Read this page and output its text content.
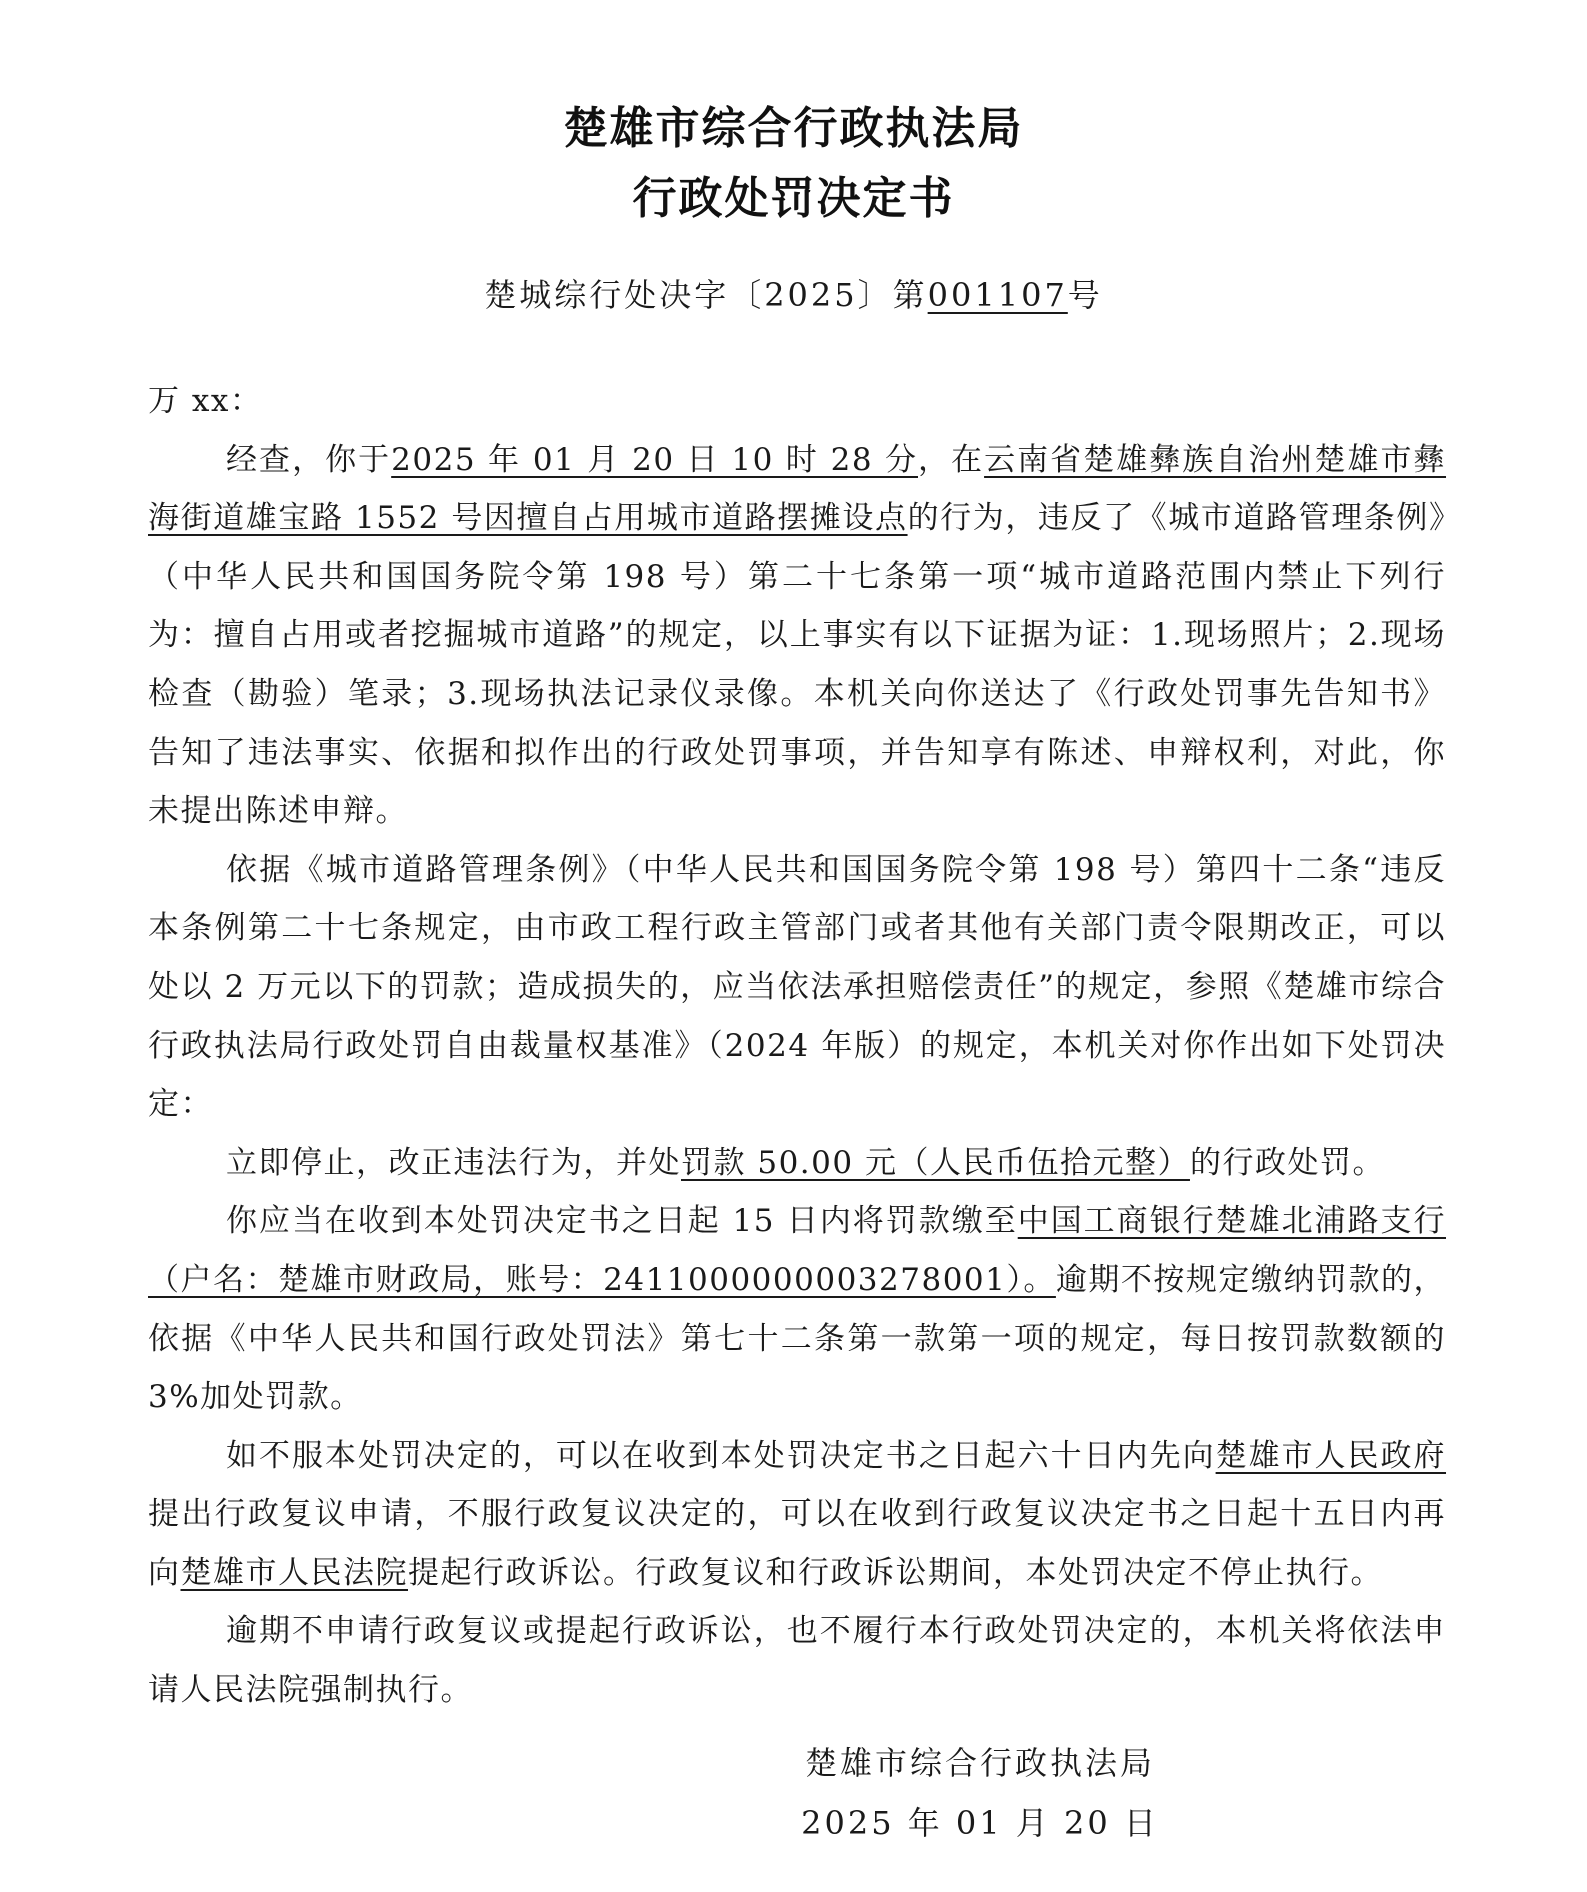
楚雄市综合行政执法局
行政处罚决定书
楚城综行处决字〔2025〕第001107号

万 xx：

经查，你于2025 年 01 月 20 日 10 时 28 分，在云南省楚雄彝族自治州楚雄市彝海街道雄宝路 1552 号因擅自占用城市道路摆摊设点的行为，违反了《城市道路管理条例》（中华人民共和国国务院令第 198 号）第二十七条第一项“城市道路范围内禁止下列行为：擅自占用或者挖掘城市道路”的规定，以上事实有以下证据为证：1.现场照片；2.现场检查（勘验）笔录；3.现场执法记录仪录像。本机关向你送达了《行政处罚事先告知书》告知了违法事实、依据和拟作出的行政处罚事项，并告知享有陈述、申辩权利，对此，你未提出陈述申辩。

依据《城市道路管理条例》（中华人民共和国国务院令第 198 号）第四十二条“违反本条例第二十七条规定，由市政工程行政主管部门或者其他有关部门责令限期改正，可以处以 2 万元以下的罚款；造成损失的，应当依法承担赔偿责任”的规定，参照《楚雄市综合行政执法局行政处罚自由裁量权基准》（2024 年版）的规定，本机关对你作出如下处罚决定：

立即停止，改正违法行为，并处罚款 50.00 元（人民币伍拾元整）的行政处罚。

你应当在收到本处罚决定书之日起 15 日内将罚款缴至中国工商银行楚雄北浦路支行（户名：楚雄市财政局，账号：2411000000003278001）。逾期不按规定缴纳罚款的，依据《中华人民共和国行政处罚法》第七十二条第一款第一项的规定，每日按罚款数额的 3%加处罚款。

如不服本处罚决定的，可以在收到本处罚决定书之日起六十日内先向楚雄市人民政府提出行政复议申请，不服行政复议决定的，可以在收到行政复议决定书之日起十五日内再向楚雄市人民法院提起行政诉讼。行政复议和行政诉讼期间，本处罚决定不停止执行。

逾期不申请行政复议或提起行政诉讼，也不履行本行政处罚决定的，本机关将依法申请人民法院强制执行。

楚雄市综合行政执法局
2025 年 01 月 20 日
